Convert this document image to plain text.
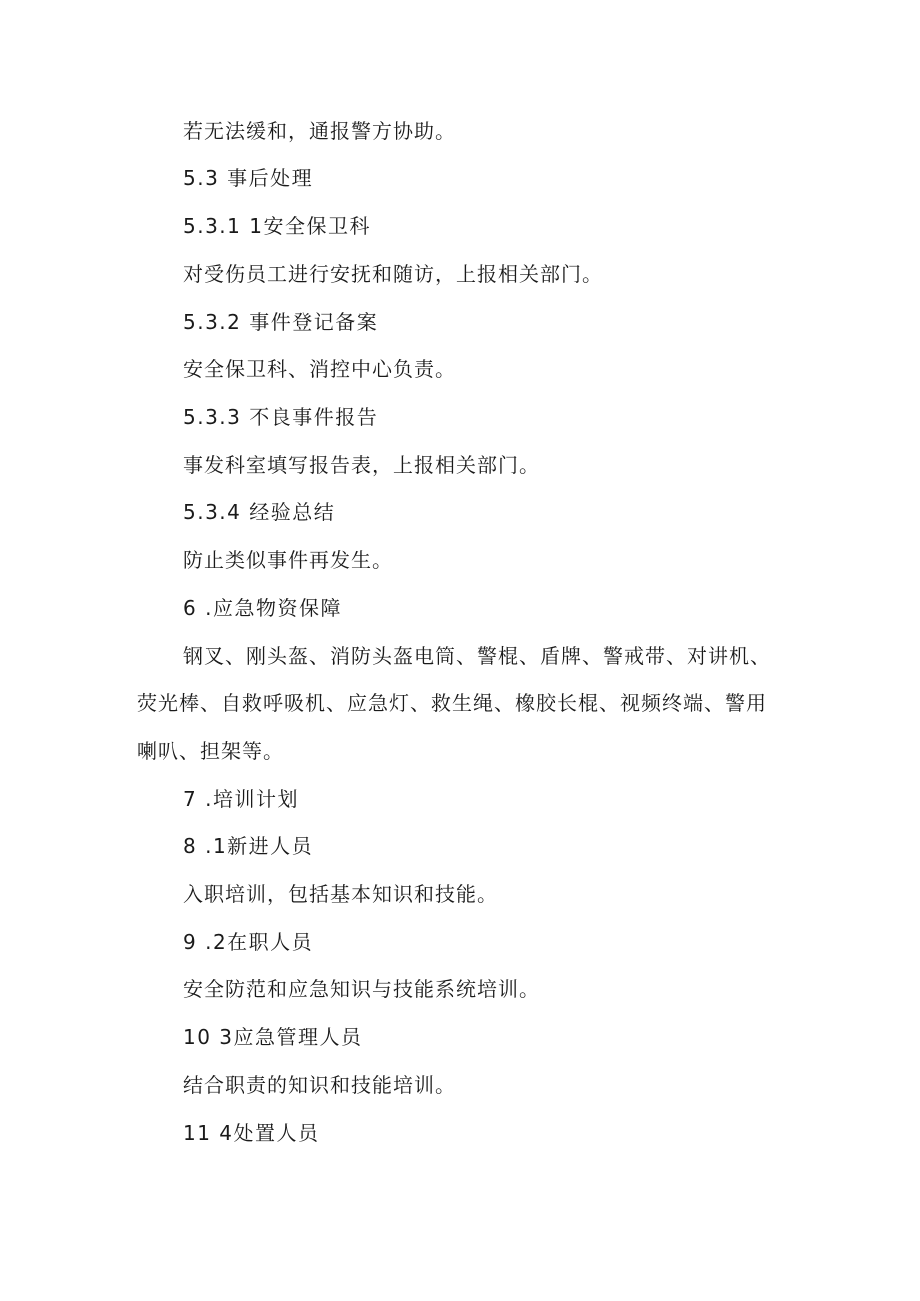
若无法缓和，通报警方协助。
5.3 事后处理
5.3.1 1安全保卫科
对受伤员工进行安抚和随访，上报相关部门。
5.3.2 事件登记备案
安全保卫科、消控中心负责。
5.3.3 不良事件报告
事发科室填写报告表，上报相关部门。
5.3.4 经验总结
防止类似事件再发生。
6 .应急物资保障
钢叉、刚头盔、消防头盔电筒、警棍、盾牌、警戒带、对讲机、
荧光棒、自救呼吸机、应急灯、救生绳、橡胶长棍、视频终端、警用
喇叭、担架等。
7 .培训计划
8 .1新进人员
入职培训，包括基本知识和技能。
9 .2在职人员
安全防范和应急知识与技能系统培训。
10 3应急管理人员
结合职责的知识和技能培训。
11 4处置人员
